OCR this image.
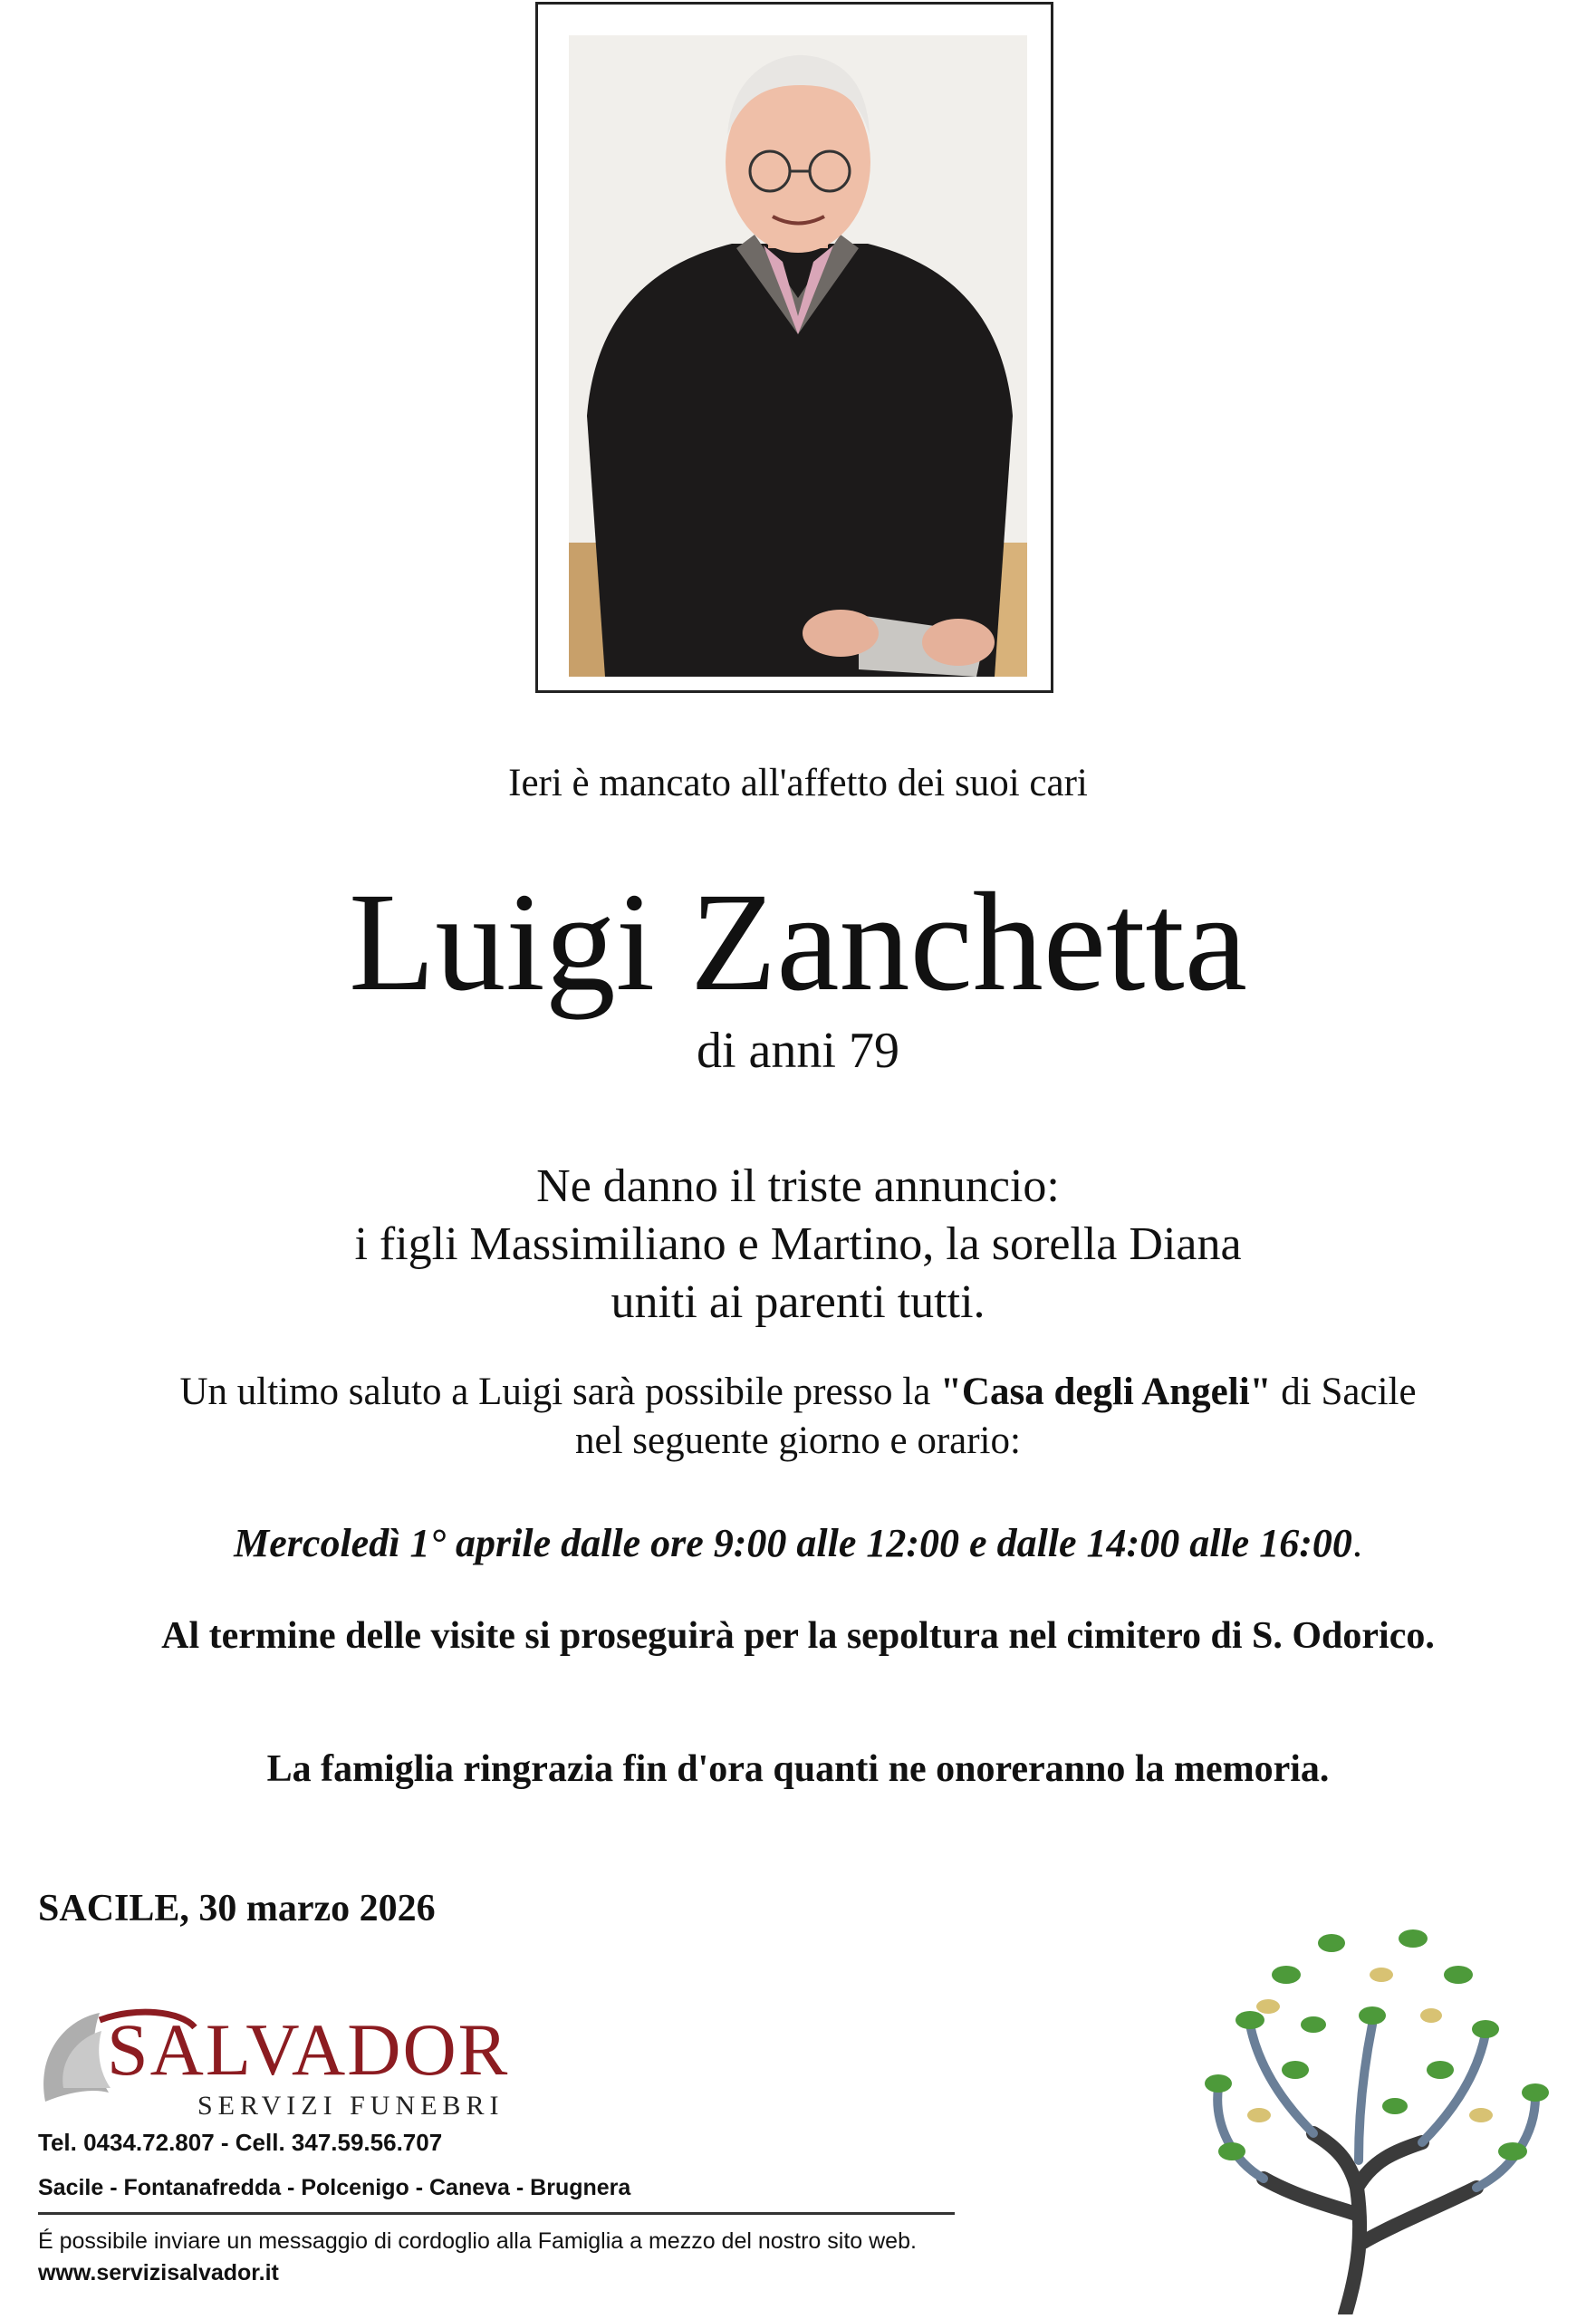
Ieri è mancato all'affetto dei suoi cari

Luigi Zanchetta

di anni 79

Ne danno il triste annuncio:
i figli Massimiliano e Martino, la sorella Diana
uniti ai parenti tutti.
Un ultimo saluto a Luigi sarà possibile presso la "Casa degli Angeli" di Sacile
nel seguente giorno e orario:

Mercoledì 1° aprile dalle ore 9:00 alle 12:00 e dalle 14:00 alle 16:00.

Al termine delle visite si proseguirà per la sepoltura nel cimitero di S. Odorico.

La famiglia ringrazia fin d'ora quanti ne onoreranno la memoria.

SACILE, 30 marzo 2026

SALVADOR

SERVIZI FUNEBRI

Tel. 0434.72.807 - Cell. 347.59.56.707

Sacile - Fontanafredda - Polcenigo - Caneva - Brugnera

É possibile inviare un messaggio di cordoglio alla Famiglia a mezzo del nostro sito web.

www.servizisalvador.it
